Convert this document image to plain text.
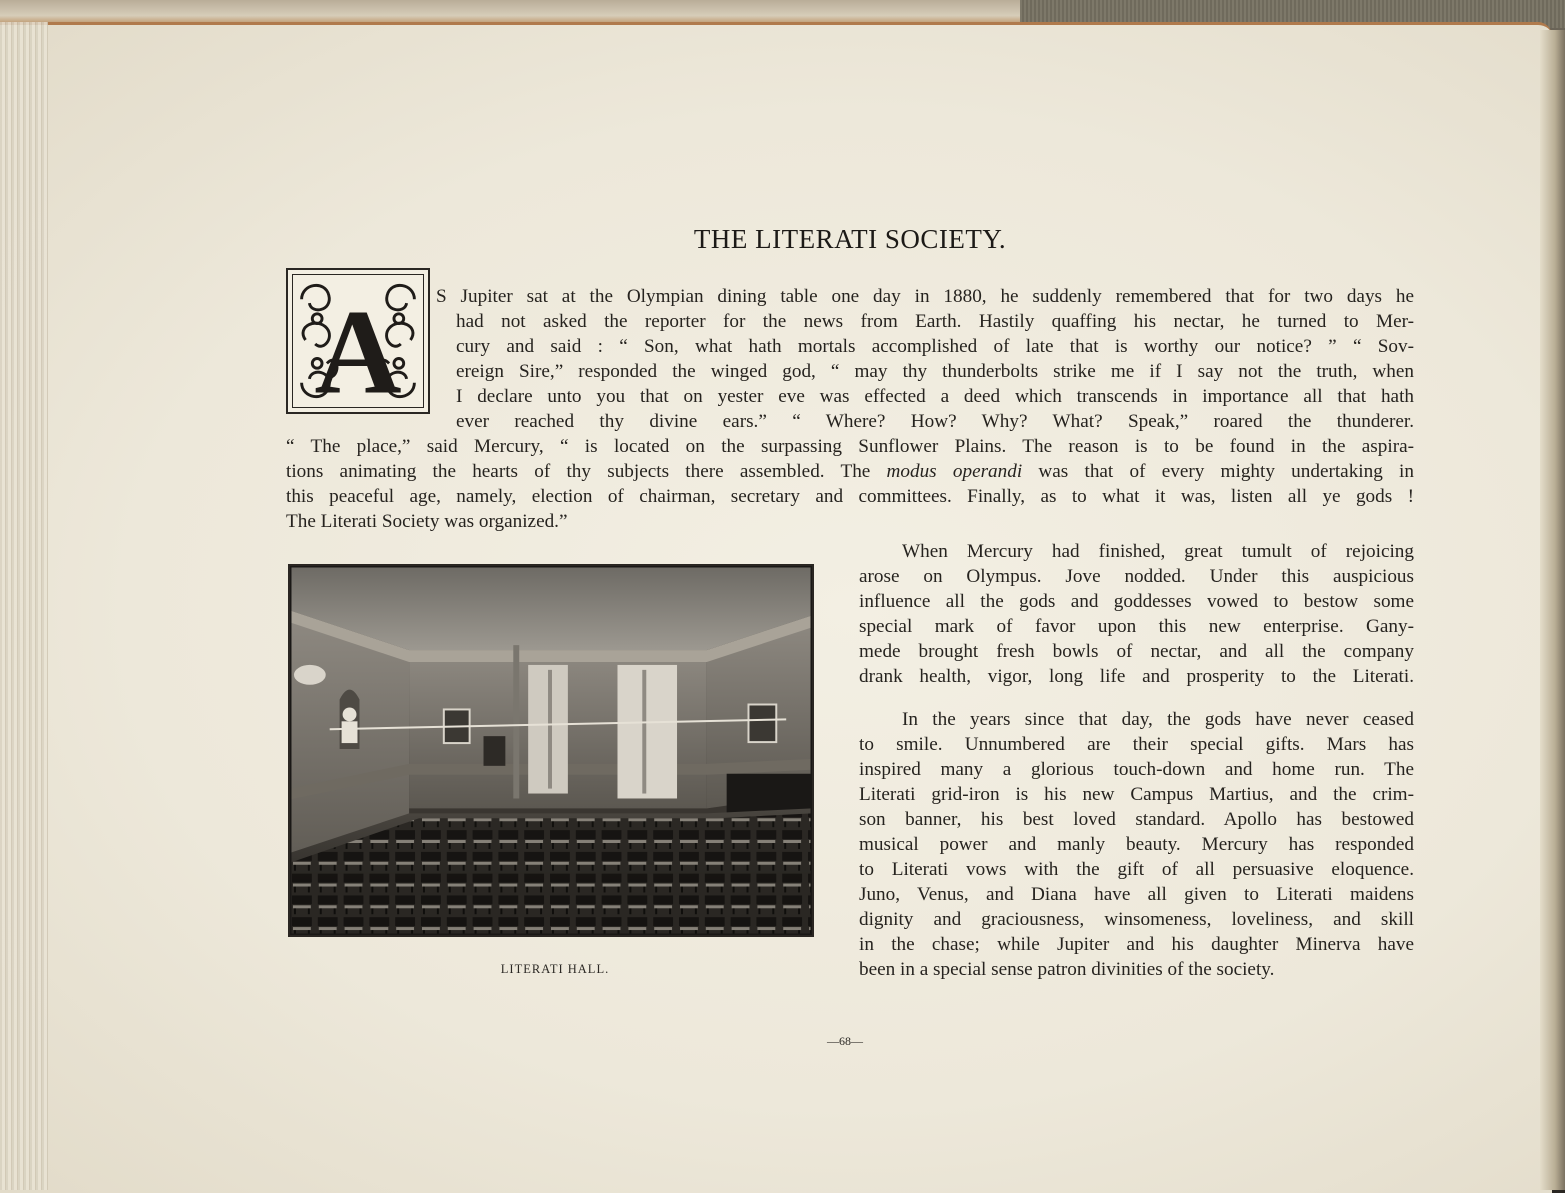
THE LITERATI SOCIETY.
A S Jupiter sat at the Olympian dining table one day in 1880, he suddenly remembered that for two days he
had not asked the reporter for the news from Earth. Hastily quaffing his nectar, he turned to Mer-
cury and said : “ Son, what hath mortals accomplished of late that is worthy our notice? ” “ Sov-
ereign Sire,” responded the winged god, “ may thy thunderbolts strike me if I say not the truth, when
I declare unto you that on yester eve was effected a deed which transcends in importance all that hath
ever reached thy divine ears.” “ Where? How? Why? What? Speak,” roared the thunderer.
“ The place,” said Mercury, “ is located on the surpassing Sunflower Plains. The reason is to be found in the aspira-
tions animating the hearts of thy subjects there assembled. The modus operandi was that of every mighty undertaking in
this peaceful age, namely, election of chairman, secretary and committees. Finally, as to what it was, listen all ye gods !
The Literati Society was organized.”
LITERATI HALL.
When Mercury had finished, great tumult of rejoicing
arose on Olympus. Jove nodded. Under this auspicious
influence all the gods and goddesses vowed to bestow some
special mark of favor upon this new enterprise. Gany-
mede brought fresh bowls of nectar, and all the company
drank health, vigor, long life and prosperity to the Literati.
In the years since that day, the gods have never ceased
to smile. Unnumbered are their special gifts. Mars has
inspired many a glorious touch-down and home run. The
Literati grid-iron is his new Campus Martius, and the crim-
son banner, his best loved standard. Apollo has bestowed
musical power and manly beauty. Mercury has responded
to Literati vows with the gift of all persuasive eloquence.
Juno, Venus, and Diana have all given to Literati maidens
dignity and graciousness, winsomeness, loveliness, and skill
in the chase; while Jupiter and his daughter Minerva have
been in a special sense patron divinities of the society.
—68—
